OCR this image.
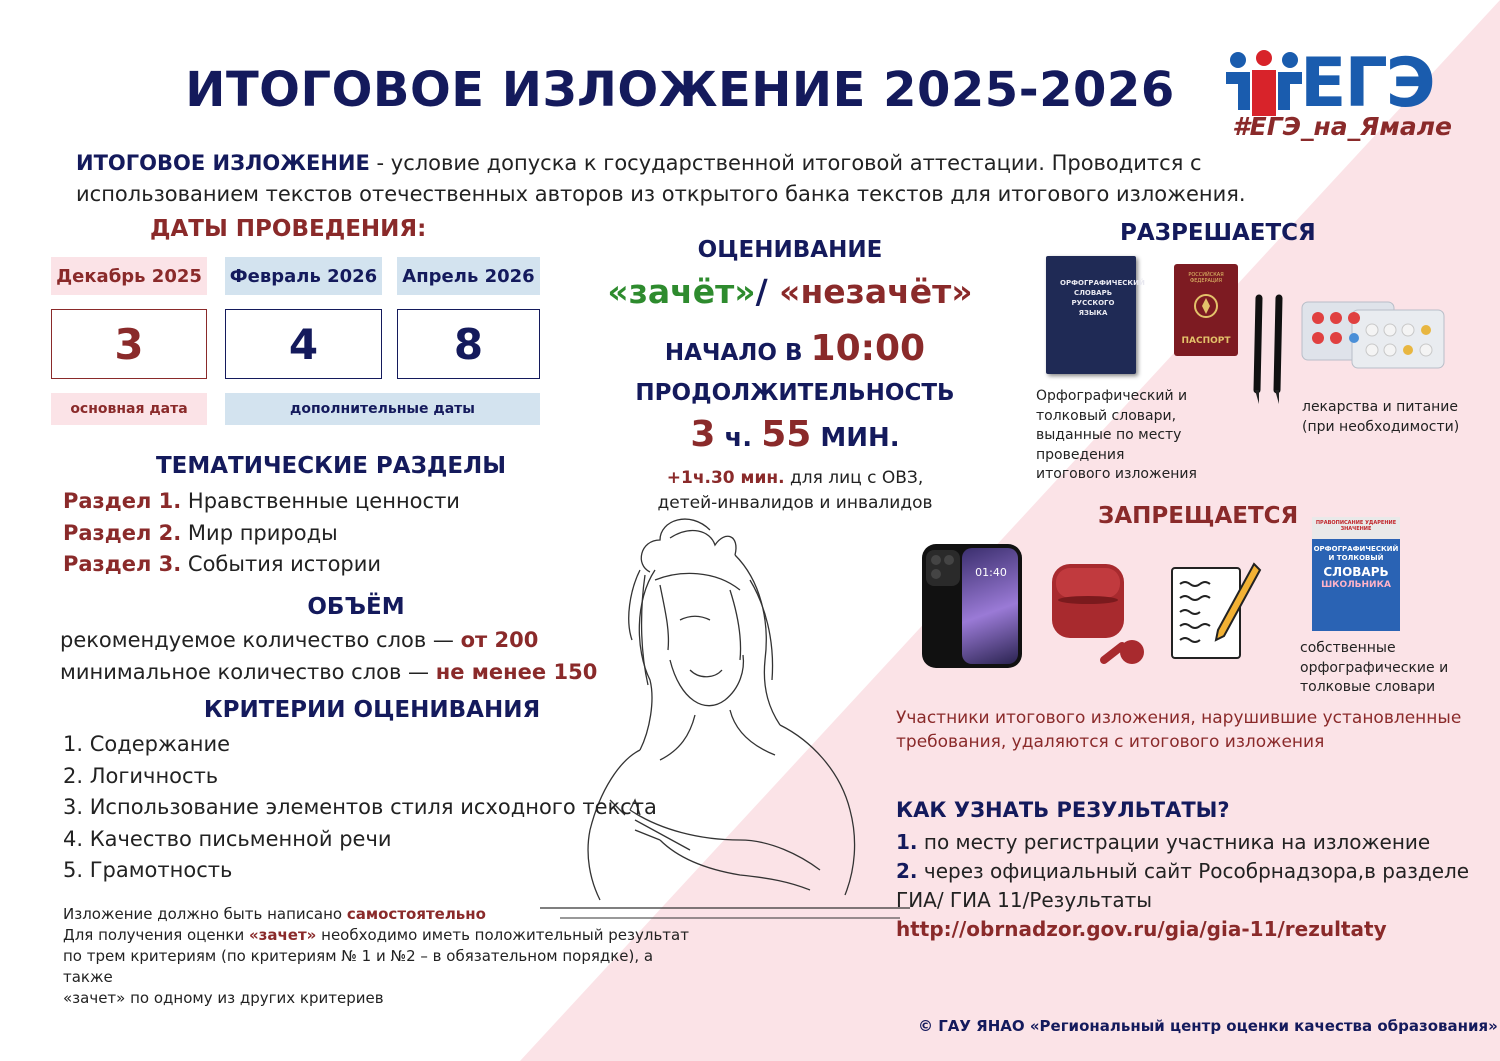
ИТОГОВОЕ ИЗЛОЖЕНИЕ 2025-2026	ЕГЭ
#ЕГЭ_на_Ямале
ИТОГОВОЕ ИЗЛОЖЕНИЕ - условие допуска к государственной итоговой аттестации. Проводится с использованием текстов отечественных авторов из открытого банка текстов для итогового изложения.
ДАТЫ ПРОВЕДЕНИЯ:
Декабрь 2025 Февраль 2026 Апрель 2026
3	4	8
основная дата	дополнительные даты
ТЕМАТИЧЕСКИЕ РАЗДЕЛЫ
Раздел 1. Нравственные ценности
Раздел 2. Мир природы
Раздел 3. События истории
ОБЪЁМ
рекомендуемое количество слов — от 200
минимальное количество слов — не менее 150
КРИТЕРИИ ОЦЕНИВАНИЯ
1. Содержание
2. Логичность
3. Использование элементов стиля исходного текста
4. Качество письменной речи
5. Грамотность
Изложение должно быть написано самостоятельно
Для получения оценки «зачет» необходимо иметь положительный результат
по трем критериям (по критериям № 1 и №2 – в обязательном порядке), а также
«зачет» по одному из других критериев
ОЦЕНИВАНИЕ
«зачёт»/ «незачёт»
НАЧАЛО В 10:00
ПРОДОЛЖИТЕЛЬНОСТЬ
3 ч. 55 МИН.
+1ч.30 мин. для лиц с ОВЗ,
детей-инвалидов и инвалидов
РАЗРЕШАЕТСЯ
ОРФОГРАФИЧЕСКИЙ
СЛОВАРЬ
РУССКОГО ЯЗЫКА
РОССИЙСКАЯ ФЕДЕРАЦИЯ
ПАСПОРТ
Орфографический и
толковый словари,
выданные по месту
проведения
итогового изложения
лекарства и питание
(при необходимости)
ЗАПРЕЩАЕТСЯ
01:40
ПРАВОПИСАНИЕ УДАРЕНИЕ ЗНАЧЕНИЕ
ОРФОГРАФИЧЕСКИЙ
И ТОЛКОВЫЙ
СЛОВАРЬ
ШКОЛЬНИКА
собственные
орфографические и
толковые словари
Участники итогового изложения, нарушившие установленные
требования, удаляются с итогового изложения
КАК УЗНАТЬ РЕЗУЛЬТАТЫ?
1. по месту регистрации участника на изложение
2. через официальный сайт Рособрнадзора,в разделе
ГИА/ ГИА 11/Результаты
http://obrnadzor.gov.ru/gia/gia-11/rezultaty
© ГАУ ЯНАО «Региональный центр оценки качества образования»
